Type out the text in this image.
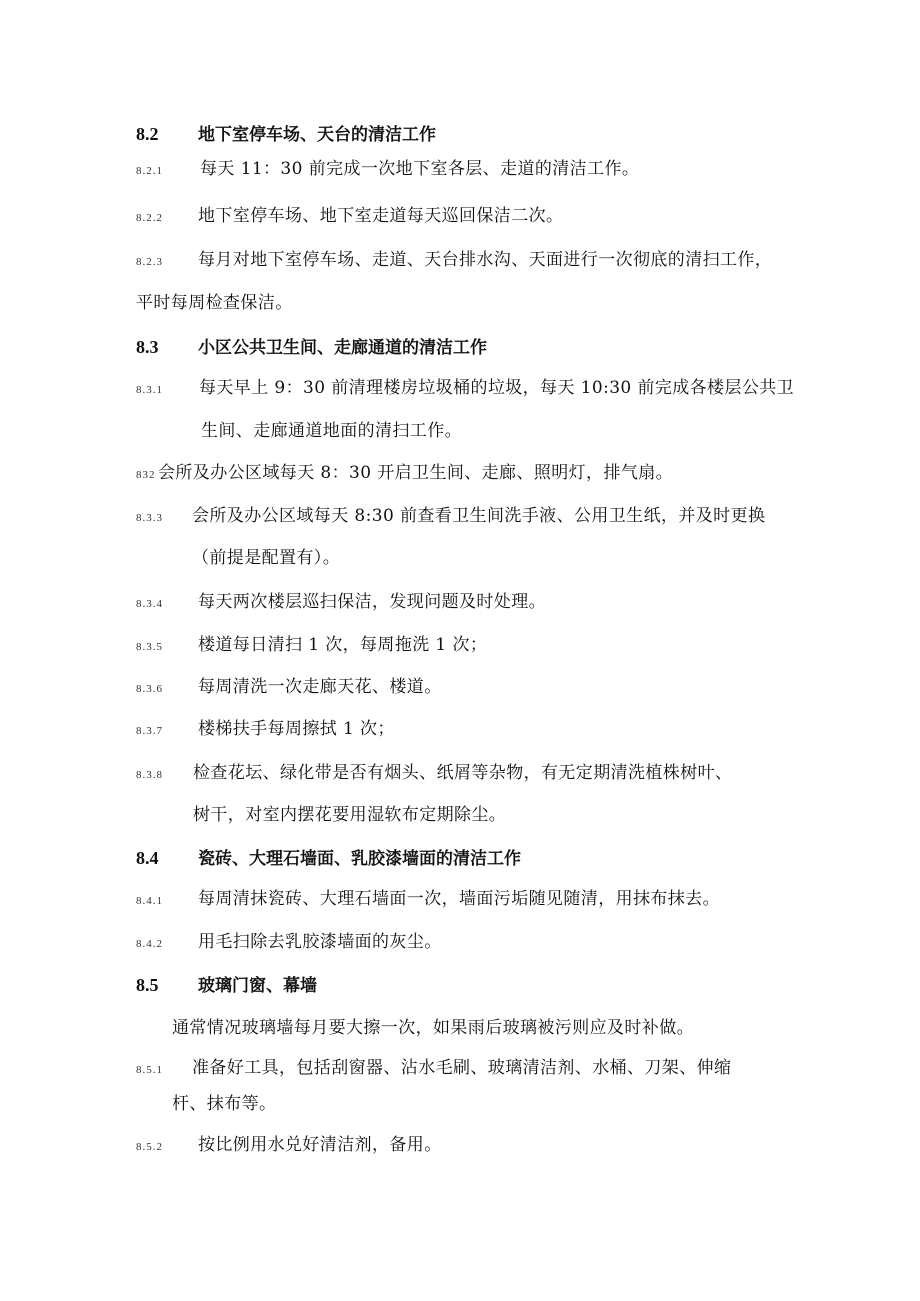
8.2 地下室停车场、天台的清洁工作
8.2.1 每天 11：30 前完成一次地下室各层、走道的清洁工作。
8.2.2 地下室停车场、地下室走道每天巡回保洁二次。
8.2.3 每月对地下室停车场、走道、天台排水沟、天面进行一次彻底的清扫工作，
平时每周检查保洁。
8.3 小区公共卫生间、走廊通道的清洁工作
8.3.1 每天早上 9：30 前清理楼房垃圾桶的垃圾，每天 10:30 前完成各楼层公共卫
生间、走廊通道地面的清扫工作。
832 会所及办公区域每天 8：30 开启卫生间、走廊、照明灯，排气扇。
8.3.3 会所及办公区域每天 8:30 前查看卫生间洗手液、公用卫生纸，并及时更换
（前提是配置有）。
8.3.4 每天两次楼层巡扫保洁，发现问题及时处理。
8.3.5 楼道每日清扫 1 次，每周拖洗 1 次；
8.3.6 每周清洗一次走廊天花、楼道。
8.3.7 楼梯扶手每周擦拭 1 次；
8.3.8 检查花坛、绿化带是否有烟头、纸屑等杂物，有无定期清洗植株树叶、
树干，对室内摆花要用湿软布定期除尘。
8.4 瓷砖、大理石墙面、乳胶漆墙面的清洁工作
8.4.1 每周清抹瓷砖、大理石墙面一次，墙面污垢随见随清，用抹布抹去。
8.4.2 用毛扫除去乳胶漆墙面的灰尘。
8.5 玻璃门窗、幕墙
通常情况玻璃墙每月要大擦一次，如果雨后玻璃被污则应及时补做。
8.5.1 准备好工具，包括刮窗器、沾水毛刷、玻璃清洁剂、水桶、刀架、伸缩
杆、抹布等。
8.5.2 按比例用水兑好清洁剂，备用。
